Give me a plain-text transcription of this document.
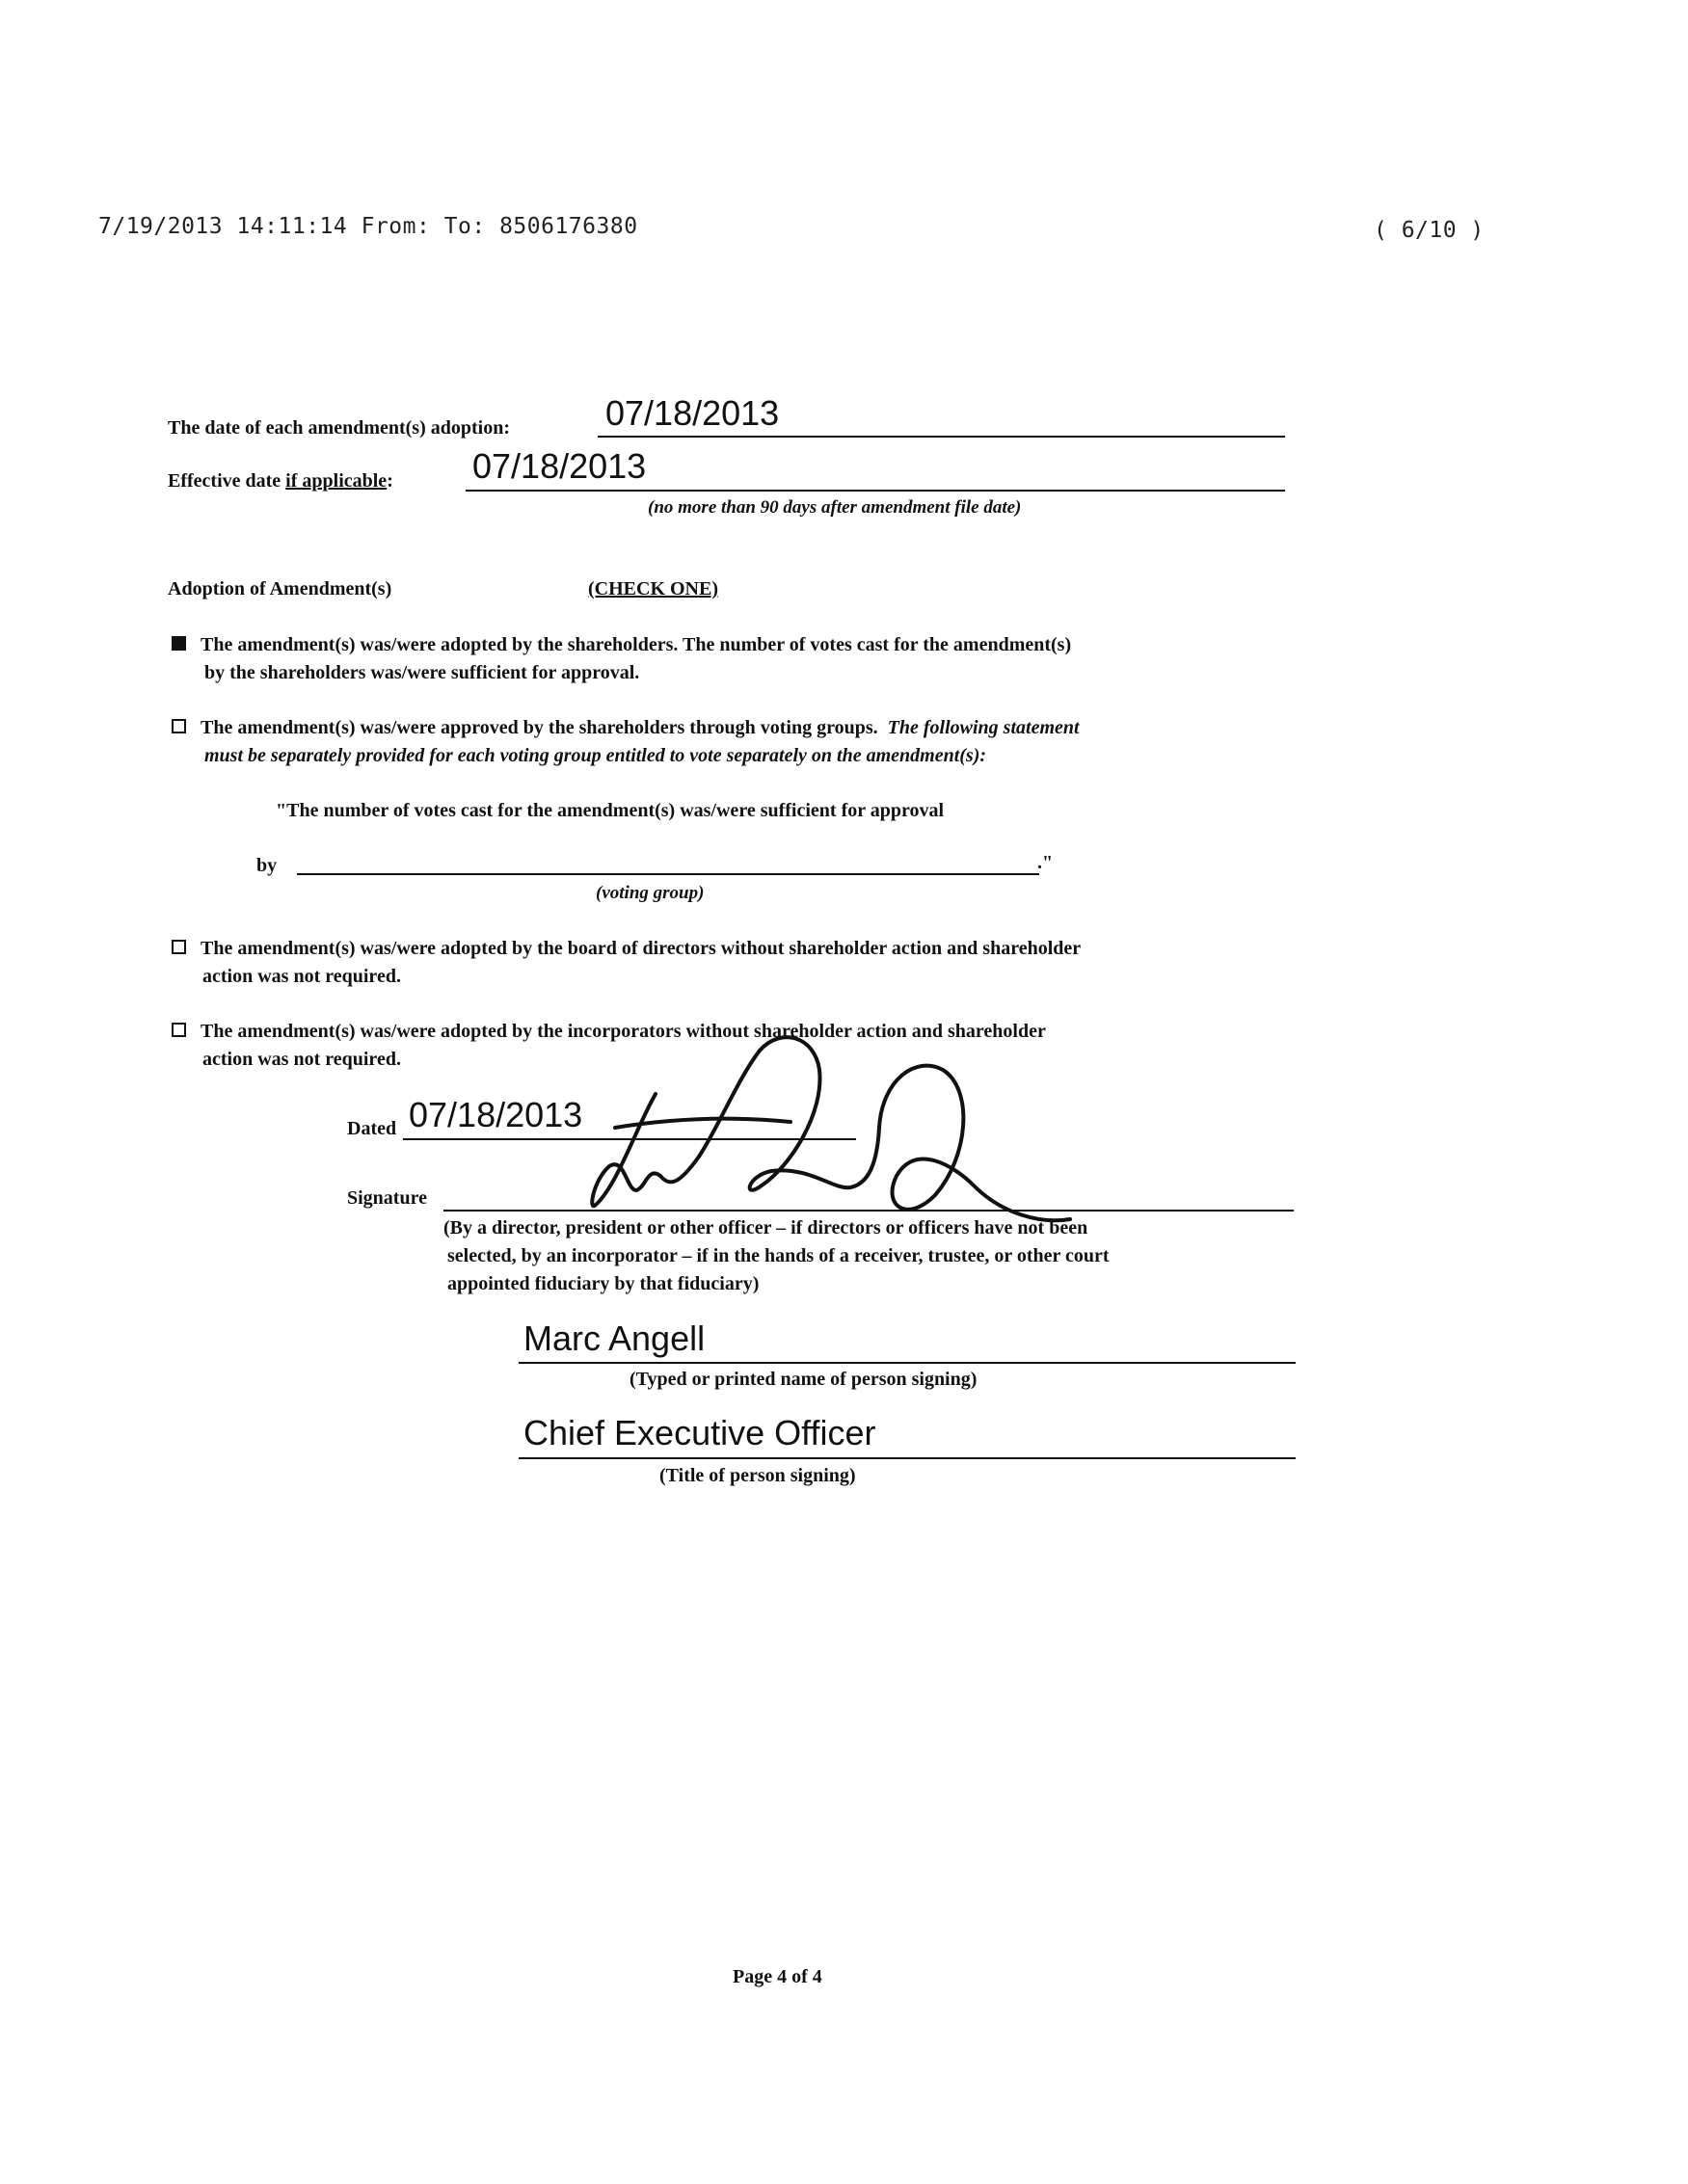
7/19/2013 14:11:14 From: To: 8506176380	( 6/10 )
The date of each amendment(s) adoption:	07/18/2013
Effective date if applicable: 07/18/2013
(no more than 90 days after amendment file date)
Adoption of Amendment(s)	(CHECK ONE)
The amendment(s) was/were adopted by the shareholders. The number of votes cast for the amendment(s)
by the shareholders was/were sufficient for approval.
The amendment(s) was/were approved by the shareholders through voting groups. The following statement
must be separately provided for each voting group entitled to vote separately on the amendment(s):
"The number of votes cast for the amendment(s) was/were sufficient for approval
by	."
(voting group)
The amendment(s) was/were adopted by the board of directors without shareholder action and shareholder
action was not required.
The amendment(s) was/were adopted by the incorporators without shareholder action and shareholder
action was not required.
Dated 07/18/2013
Signature
(By a director, president or other officer – if directors or officers have not been
selected, by an incorporator – if in the hands of a receiver, trustee, or other court
appointed fiduciary by that fiduciary)
Marc Angell
(Typed or printed name of person signing)
Chief Executive Officer
(Title of person signing)
Page 4 of 4
